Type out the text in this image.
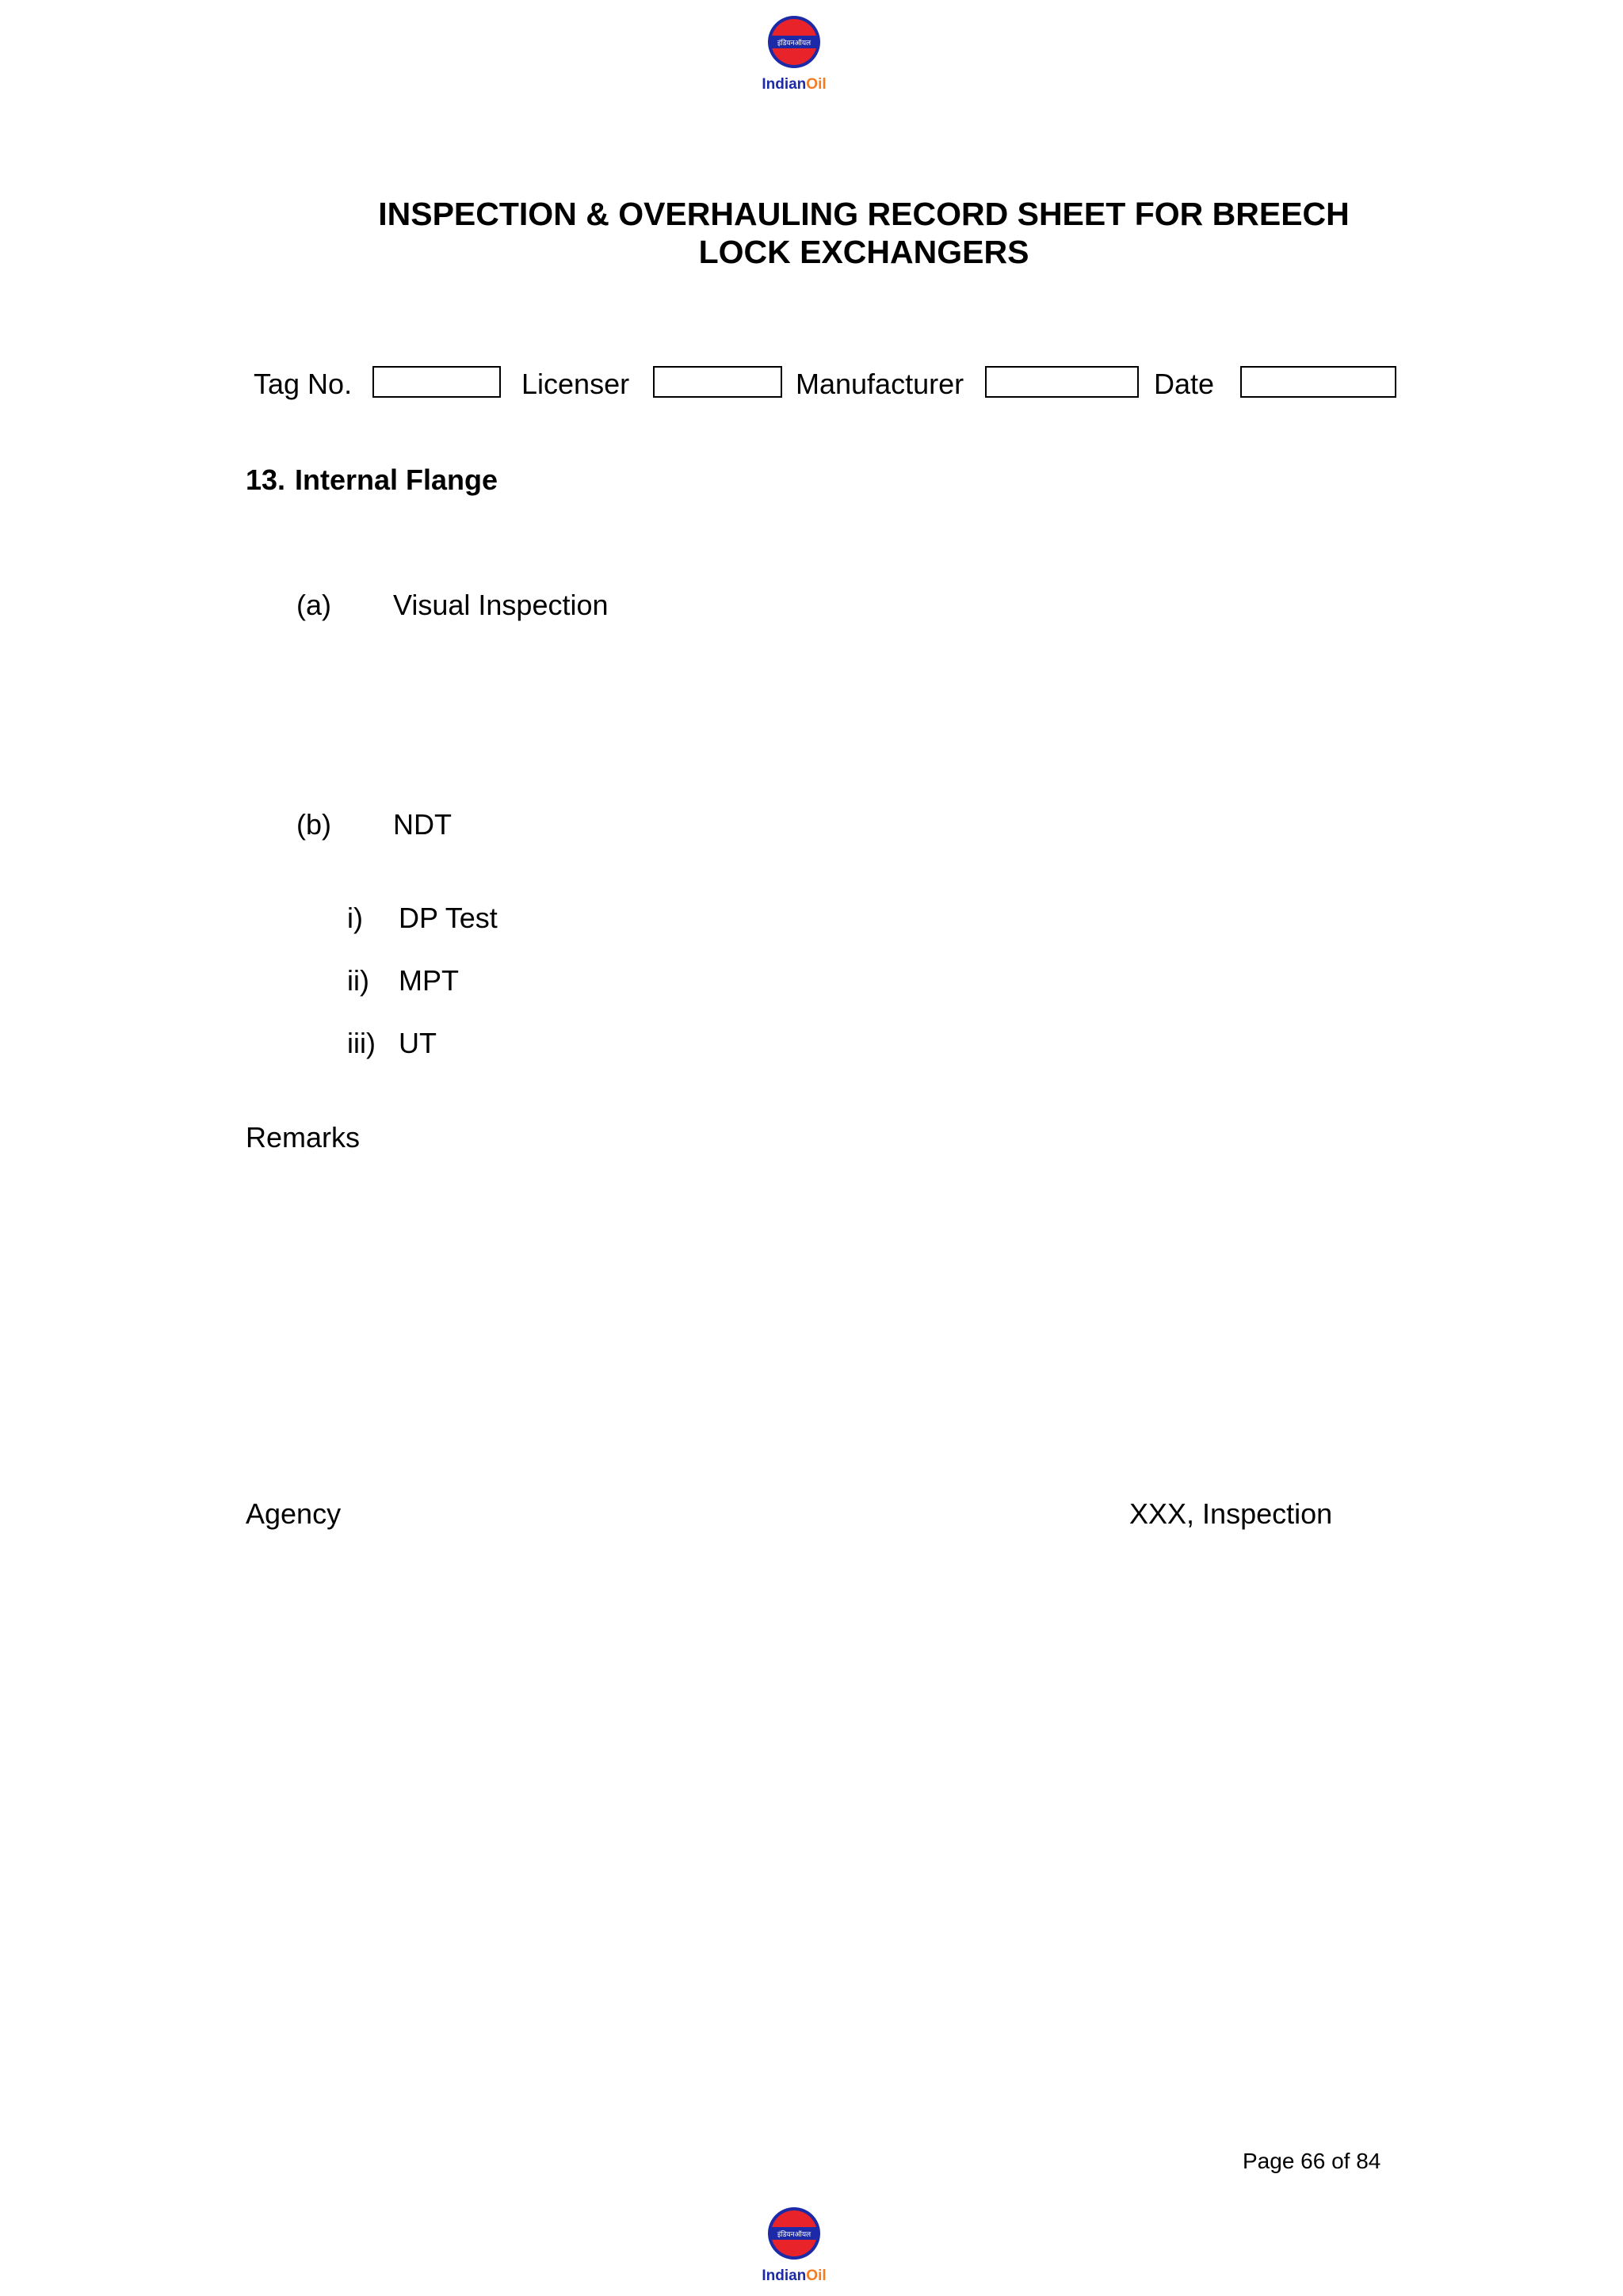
इंडियनऑयल
IndianOil
INSPECTION & OVERHAULING RECORD SHEET FOR BREECH
LOCK EXCHANGERS
Tag No.	Licenser	Manufacturer	Date
13. Internal Flange
(a) Visual Inspection
(b) NDT
i) DP Test
ii) MPT
iii) UT
Remarks
Agency	XXX, Inspection
Page 66 of 84
इंडियनऑयल
IndianOil
